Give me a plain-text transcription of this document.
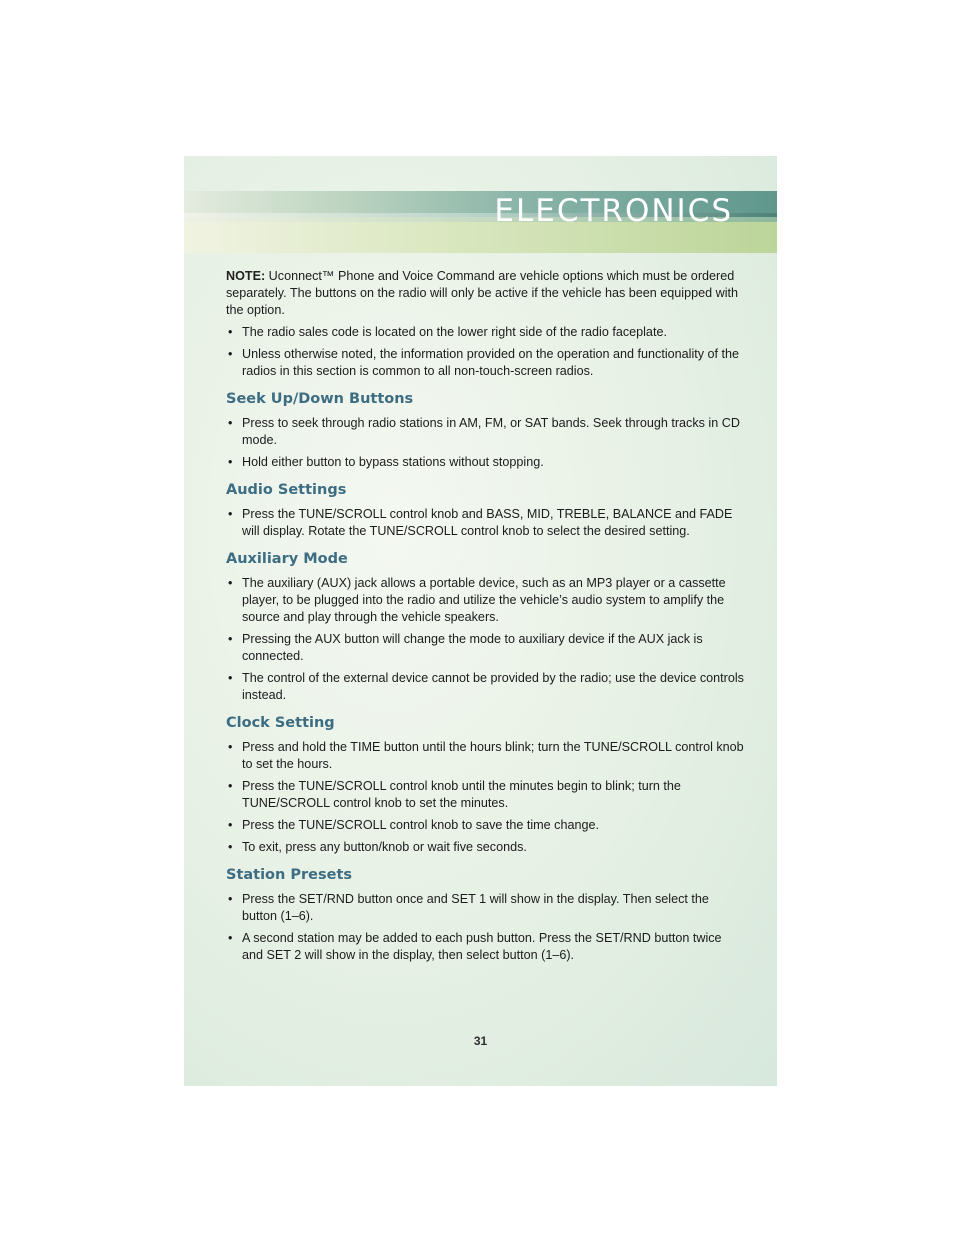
ELECTRONICS
31

NOTE: Uconnect™ Phone and Voice Command are vehicle options which must be ordered separately. The buttons on the radio will only be active if the vehicle has been equipped with the option.

• The radio sales code is located on the lower right side of the radio faceplate.
• Unless otherwise noted, the information provided on the operation and functionality of the radios in this section is common to all non-touch-screen radios.
Seek Up/Down Buttons
• Press to seek through radio stations in AM, FM, or SAT bands. Seek through tracks in CD mode.
• Hold either button to bypass stations without stopping.
Audio Settings
• Press the TUNE/SCROLL control knob and BASS, MID, TREBLE, BALANCE and FADE will display. Rotate the TUNE/SCROLL control knob to select the desired setting.
Auxiliary Mode
• The auxiliary (AUX) jack allows a portable device, such as an MP3 player or a cassette player, to be plugged into the radio and utilize the vehicle’s audio system to amplify the source and play through the vehicle speakers.
• Pressing the AUX button will change the mode to auxiliary device if the AUX jack is connected.
• The control of the external device cannot be provided by the radio; use the device controls instead.
Clock Setting
• Press and hold the TIME button until the hours blink; turn the TUNE/SCROLL control knob to set the hours.
• Press the TUNE/SCROLL control knob until the minutes begin to blink; turn the TUNE/SCROLL control knob to set the minutes.
• Press the TUNE/SCROLL control knob to save the time change.
• To exit, press any button/knob or wait five seconds.
Station Presets
• Press the SET/RND button once and SET 1 will show in the display. Then select the button (1–6).
• A second station may be added to each push button. Press the SET/RND button twice and SET 2 will show in the display, then select button (1–6).
